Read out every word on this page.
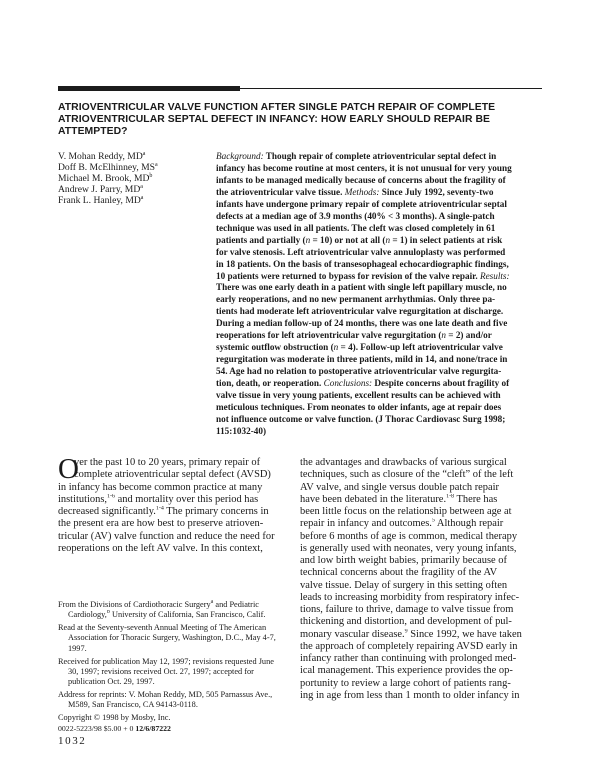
ATRIOVENTRICULAR VALVE FUNCTION AFTER SINGLE PATCH REPAIR OF COMPLETE
ATRIOVENTRICULAR SEPTAL DEFECT IN INFANCY: HOW EARLY SHOULD REPAIR BE
ATTEMPTED?
V. Mohan Reddy, $MD^a$
Doff B. McElhinney, $MS^a$
Michael M. Brook, $MD^b$
Andrew J. Parry, $MD^a$
Frank L. Hanley, $MD^a$
Background: Though repair of complete atrioventricular septal defect in
infancy has become routine at most centers, it is not unusual for very young
infants to be managed medically because of concerns about the fragility of
the atrioventricular valve tissue. Methods: Since July 1992, seventy-two
infants have undergone primary repair of complete atrioventricular septal
defects at a median age of 3.9 months (40% < 3 months). A single-patch
technique was used in all patients. The cleft was closed completely in 61
patients and partially (n = 10) or not at all (n = 1) in select patients at risk
for valve stenosis. Left atrioventricular valve annuloplasty was performed
in 18 patients. On the basis of transesophageal echocardiographic findings,
10 patients were returned to bypass for revision of the valve repair. Results:
There was one early death in a patient with single left papillary muscle, no
early reoperations, and no new permanent arrhythmias. Only three pa-
tients had moderate left atrioventricular valve regurgitation at discharge.
During a median follow-up of 24 months, there was one late death and five
reoperations for left atrioventricular valve regurgitation (n = 2) and/or
systemic outflow obstruction (n = 4). Follow-up left atrioventricular valve
regurgitation was moderate in three patients, mild in 14, and none/trace in
54. Age had no relation to postoperative atrioventricular valve regurgita-
tion, death, or reoperation. Conclusions: Despite concerns about fragility of
valve tissue in very young patients, excellent results can be achieved with
meticulous techniques. From neonates to older infants, age at repair does
not influence outcome or valve function. (J Thorac Cardiovasc Surg 1998;
115:1032-40)
O
ver the past 10 to 20 years, primary repair of
complete atrioventricular septal defect (AVSD)
in infancy has become common practice at many
institutions,$^{1-6}$ and mortality over this period has
decreased significantly.$^{1-4}$ The primary concerns in
the present era are how best to preserve atrioven-
tricular (AV) valve function and reduce the need for
reoperations on the left AV valve. In this context,
the advantages and drawbacks of various surgical
techniques, such as closure of the “cleft” of the left
AV valve, and single versus double patch repair
have been debated in the literature.$^{1-8}$ There has
been little focus on the relationship between age at
repair in infancy and outcomes.$^5$ Although repair
before 6 months of age is common, medical therapy
is generally used with neonates, very young infants,
and low birth weight babies, primarily because of
technical concerns about the fragility of the AV
valve tissue. Delay of surgery in this setting often
leads to increasing morbidity from respiratory infec-
tions, failure to thrive, damage to valve tissue from
thickening and distortion, and development of pul-
monary vascular disease.$^9$ Since 1992, we have taken
the approach of completely repairing AVSD early in
infancy rather than continuing with prolonged med-
ical management. This experience provides the op-
portunity to review a large cohort of patients rang-
ing in age from less than 1 month to older infancy in
From the Divisions of Cardiothoracic Surgery$^a$ and Pediatric
Cardiology,$^b$ University of California, San Francisco, Calif.
Read at the Seventy-seventh Annual Meeting of The American
Association for Thoracic Surgery, Washington, D.C., May 4-7,
1997.
Received for publication May 12, 1997; revisions requested June
30, 1997; revisions received Oct. 27, 1997; accepted for
publication Oct. 29, 1997.
Address for reprints: V. Mohan Reddy, MD, 505 Parnassus Ave.,
M589, San Francisco, CA 94143-0118.
Copyright © 1998 by Mosby, Inc.
0022-5223/98 $5.00 + 0 12/6/87222
1032
